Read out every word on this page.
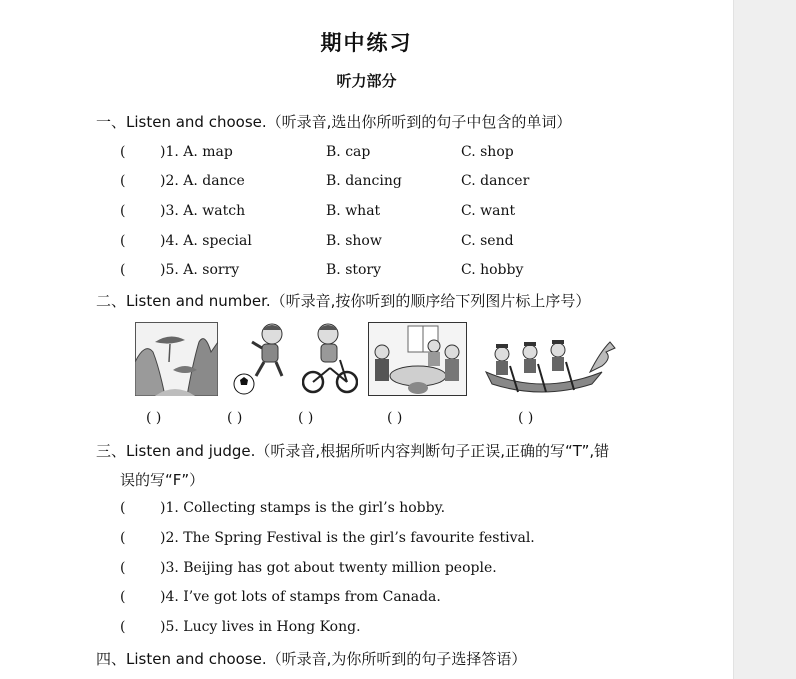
期中练习
听力部分
一、Listen and choose.（听录音,选出你所听到的句子中包含的单词）
( )1. A. map	B. cap	C. shop
( )2. A. dance	B. dancing	C. dancer
( )3. A. watch	B. what	C. want
( )4. A. special	B. show	C. send
( )5. A. sorry	B. story	C. hobby
二、Listen and number.（听录音,按你听到的顺序给下列图片标上序号）
( )	( )	( )	( )	( )
三、Listen and judge.（听录音,根据所听内容判断句子正误,正确的写“T”,错
误的写“F”）
( )1. Collecting stamps is the girl’s hobby.
( )2. The Spring Festival is the girl’s favourite festival.
( )3. Beijing has got about twenty million people.
( )4. I’ve got lots of stamps from Canada.
( )5. Lucy lives in Hong Kong.
四、Listen and choose.（听录音,为你所听到的句子选择答语）
